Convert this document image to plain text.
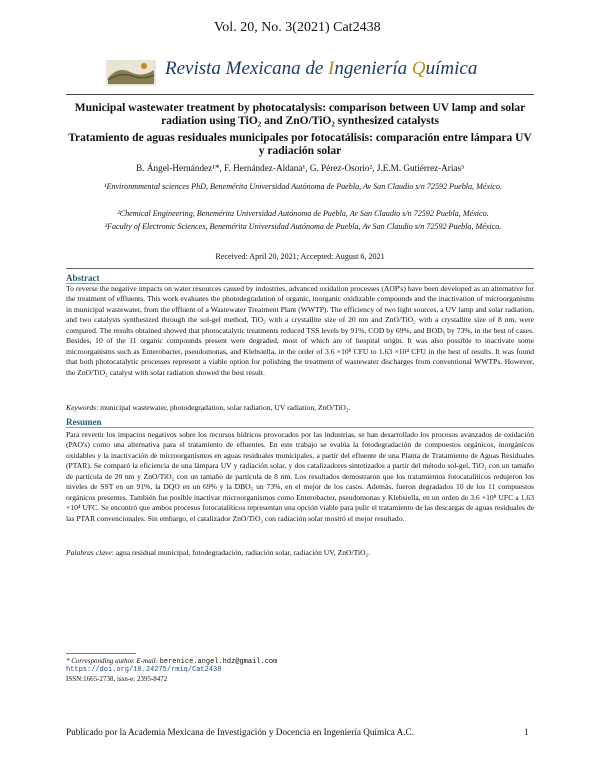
Vol. 20, No. 3(2021) Cat2438
Revista Mexicana de Ingeniería Química
Municipal wastewater treatment by photocatalysis: comparison between UV lamp and solar radiation using TiO₂ and ZnO/TiO₂ synthesized catalysts
Tratamiento de aguas residuales municipales por fotocatálisis: comparación entre lámpara UV y radiación solar
B. Ángel-Hernández¹*, F. Hernández-Aldana¹, G. Pérez-Osorio², J.E.M. Gutiérrez-Arias³
¹Environmmental sciences PhD, Benemérita Universidad Autónoma de Puebla, Av San Claudio s/n 72592 Puebla, México.
²Chemical Engineering, Benemérita Universidad Autónoma de Puebla, Av San Claudio s/n 72592 Puebla, México.
³Faculty of Electronic Sciences, Benemérita Universidad Autónoma de Puebla, Av San Claudio s/n 72592 Puebla, México.
Received: April 20, 2021; Accepted: August 6, 2021
Abstract
To reverse the negative impacts on water resources caused by industries, advanced oxidation processes (AOP's) have been developed as an alternative for the treatment of effluents. This work evaluates the photodegradation of organic, inorganic oxidizable compounds and the inactivation of microorganisms in municipal wastewater, from the effluent of a Wastewater Treatment Plant (WWTP). The efficiency of two light sources, a UV lamp and solar radiation, and two catalysts synthesized through the sol-gel method, TiO₂ with a crystallite size of 20 nm and ZnO/TiO₂ with a crystallite size of 8 nm, were compared. The results obtained showed that photocatalytic treatments reduced TSS levels by 91%, COD by 69%, and BOD₅ by 73%, in the best of cases. Besides, 10 of the 11 organic compounds present were degraded, most of which are of hospital origin. It was also possible to inactivate some microorganisms such as Enterobacter, pseudomonas, and Klebsiella, in the order of 3.6 ×10⁸ CFU to 1.63 ×10⁴ CFU in the best of results. It was found that both photocatalytic processes represent a viable option for polishing the treatment of wastewater discharges from conventional WWTPs. However, the ZnO/TiO₂ catalyst with solar radiation showed the best result.
Keywords: municipal wastewater, photodegradation, solar radiation, UV radiation, ZnO/TiO₂.
Resumen
Para revertir los impactos negativos sobre los recursos hídricos provocados por las industrias, se han desarrollado los procesos avanzados de oxidación (PAO's) como una alternativa para el tratamiento de efluentes. En este trabajo se evalúa la fotodegradación de compuestos orgánicos, inorgánicos oxidables y la inactivación de microorganismos en aguas residuales municipales, a partir del efluente de una Planta de Tratamiento de Aguas Residuales (PTAR). Se comparó la eficiencia de una lámpara UV y radiación solar, y dos catalizadores sintetizados a partir del método sol-gel, TiO₂ con un tamaño de partícula de 20 nm y ZnO/TiO₂ con un tamaño de partícula de 8 nm. Los resultados demostraron que los tratamientos fotocatalíticos redujeron los niveles de SST en un 91%, la DQO en un 69% y la DBO₅ un 73%, en el mejor de los casos. Además, fueron degradados 10 de los 11 compuestos orgánicos presentes. También fue posible inactivar microorganismos como Enterobacter, pseudomonas y Klebsiella, en un orden de 3.6 ×10⁸ UFC a 1.63 ×10⁴ UFC. Se encontró que ambos procesos fotocatalíticos representan una opción viable para pulir el tratamiento de las descargas de aguas residuales de las PTAR convencionales. Sin embargo, el catalizador ZnO/TiO₂ con radiación solar mostró el mejor resultado.
Palabras clave: agua residual municipal, fotodegradación, radiación solar, radiación UV, ZnO/TiO₂.
* Corresponding author. E-mail: berenice.angel.hdz@gmail.com
https://doi.org/10.24275/rmiq/Cat2438
ISSN:1665-2738, issn-e: 2395-8472
Publicado por la Academia Mexicana de Investigación y Docencia en Ingeniería Química A.C.	1
